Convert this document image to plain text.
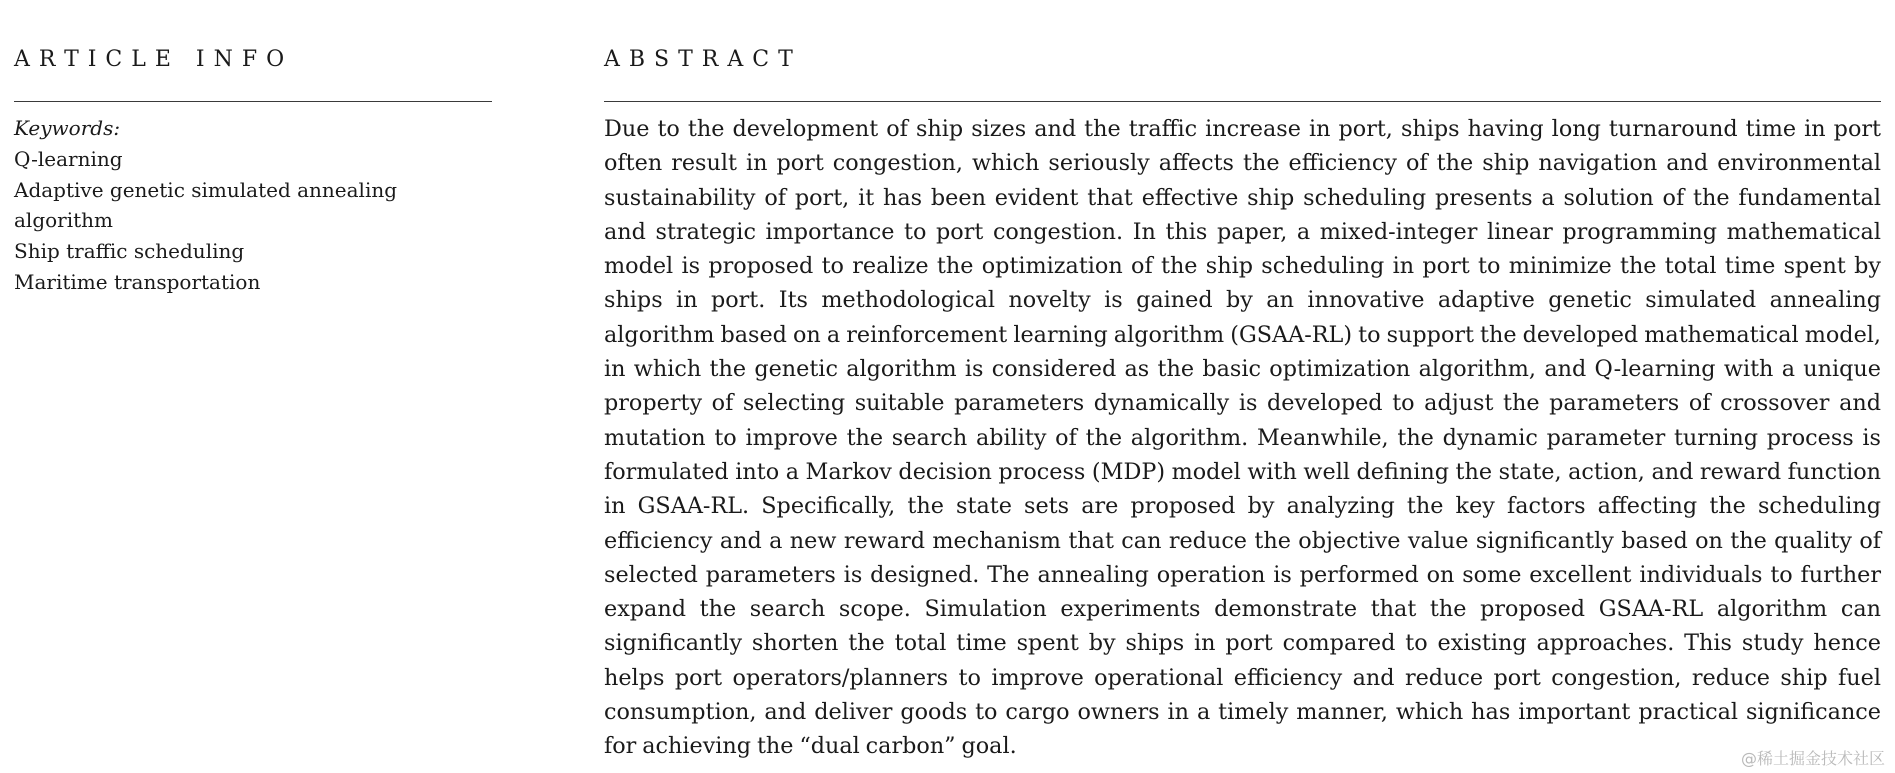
ARTICLE INFO
Keywords:
Q-learning
Adaptive genetic simulated annealing algorithm
Ship traffic scheduling
Maritime transportation
ABSTRACT

Due to the development of ship sizes and the traffic increase in port, ships having long turnaround time in port often result in port congestion, which seriously affects the efficiency of the ship navigation and environmental sustainability of port, it has been evident that effective ship scheduling presents a solution of the fundamental and strategic importance to port congestion. In this paper, a mixed-integer linear programming mathematical model is proposed to realize the optimization of the ship scheduling in port to minimize the total time spent by ships in port. Its methodological novelty is gained by an innovative adaptive genetic simulated annealing algorithm based on a reinforcement learning algorithm (GSAA-RL) to support the developed mathematical model, in which the genetic algorithm is considered as the basic optimization algorithm, and Q-learning with a unique property of selecting suitable parameters dynamically is developed to adjust the parameters of crossover and mutation to improve the search ability of the algorithm. Meanwhile, the dynamic parameter turning process is formulated into a Markov decision process (MDP) model with well defining the state, action, and reward function in GSAA-RL. Specifically, the state sets are proposed by analyzing the key factors affecting the scheduling efficiency and a new reward mechanism that can reduce the objective value significantly based on the quality of selected parameters is designed. The annealing operation is performed on some excellent individuals to further expand the search scope. Simulation experiments demonstrate that the proposed GSAA-RL algorithm can significantly shorten the total time spent by ships in port compared to existing approaches. This study hence helps port operators/planners to improve operational efficiency and reduce port congestion, reduce ship fuel consumption, and deliver goods to cargo owners in a timely manner, which has important practical significance for achieving the “dual carbon” goal.	@稀土掘金技术社区
